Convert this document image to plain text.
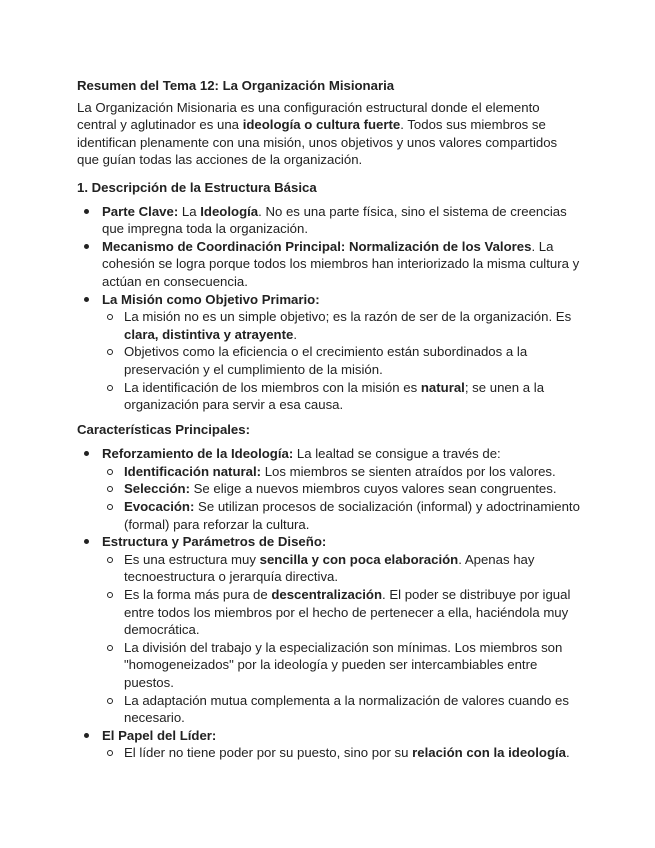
Resumen del Tema 12: La Organización Misionaria

La Organización Misionaria es una configuración estructural donde el elemento central y aglutinador es una ideología o cultura fuerte. Todos sus miembros se identifican plenamente con una misión, unos objetivos y unos valores compartidos que guían todas las acciones de la organización.

1. Descripción de la Estructura Básica
Parte Clave: La Ideología. No es una parte física, sino el sistema de creencias que impregna toda la organización.
Mecanismo de Coordinación Principal: Normalización de los Valores. La cohesión se logra porque todos los miembros han interiorizado la misma cultura y actúan en consecuencia.
La Misión como Objetivo Primario:
La misión no es un simple objetivo; es la razón de ser de la organización. Es clara, distintiva y atrayente.
Objetivos como la eficiencia o el crecimiento están subordinados a la preservación y el cumplimiento de la misión.
La identificación de los miembros con la misión es natural; se unen a la organización para servir a esa causa.
Características Principales:
Reforzamiento de la Ideología: La lealtad se consigue a través de:
Identificación natural: Los miembros se sienten atraídos por los valores.
Selección: Se elige a nuevos miembros cuyos valores sean congruentes.
Evocación: Se utilizan procesos de socialización (informal) y adoctrinamiento (formal) para reforzar la cultura.
Estructura y Parámetros de Diseño:
Es una estructura muy sencilla y con poca elaboración. Apenas hay tecnoestructura o jerarquía directiva.
Es la forma más pura de descentralización. El poder se distribuye por igual entre todos los miembros por el hecho de pertenecer a ella, haciéndola muy democrática.
La división del trabajo y la especialización son mínimas. Los miembros son "homogeneizados" por la ideología y pueden ser intercambiables entre puestos.
La adaptación mutua complementa a la normalización de valores cuando es necesario.
El Papel del Líder:
El líder no tiene poder por su puesto, sino por su relación con la ideología.
